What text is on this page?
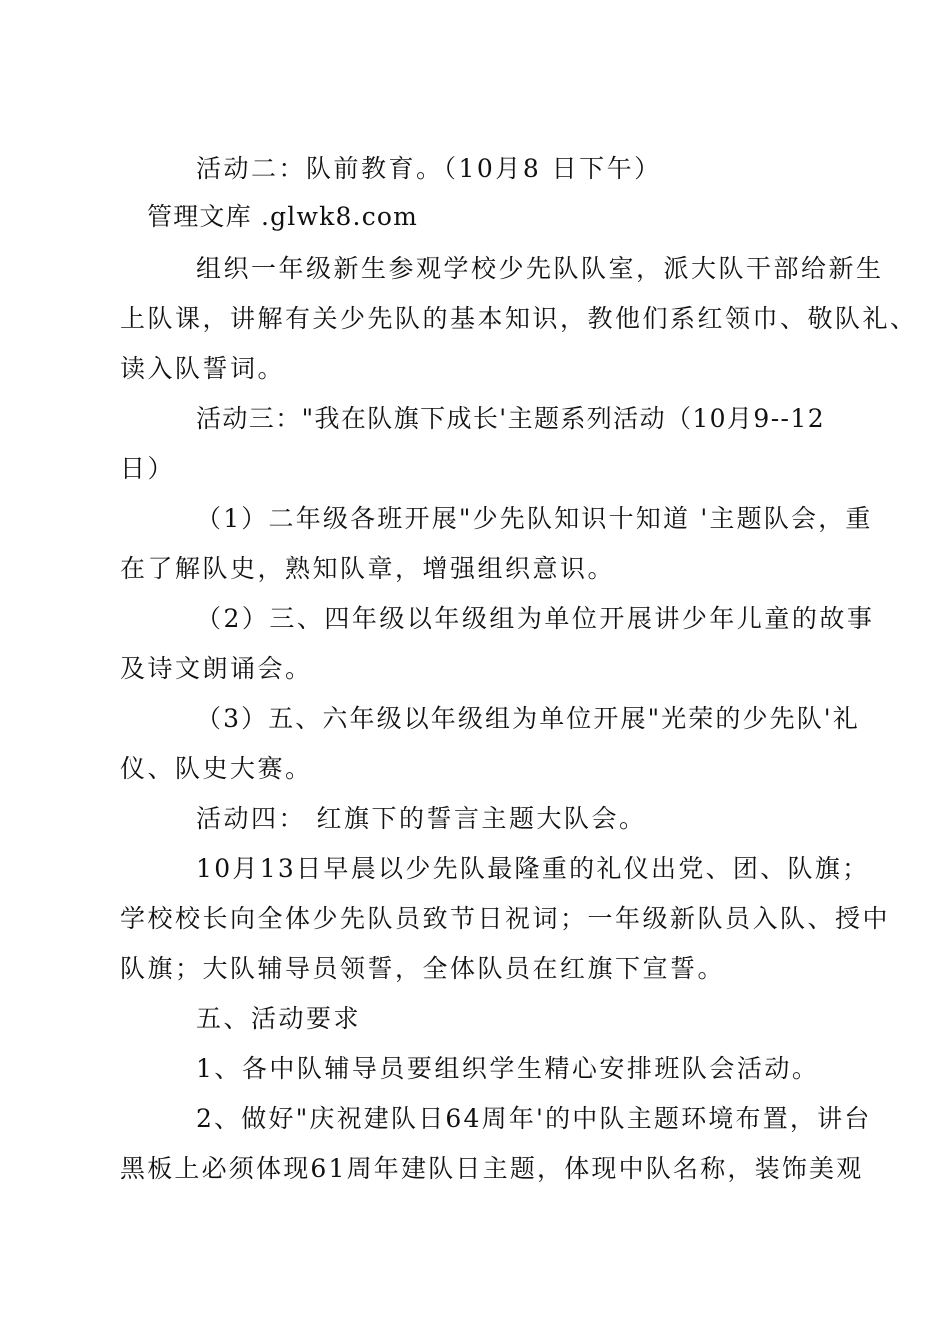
活动二：队前教育。（10月8 日下午）
管理文库 .glwk8.com
组织一年级新生参观学校少先队队室，派大队干部给新生
上队课，讲解有关少先队的基本知识，教他们系红领巾、敬队礼、
读入队誓词。
活动三："我在队旗下成长'主题系列活动（10月9--12
日）
（1）二年级各班开展"少先队知识十知道 '主题队会，重
在了解队史，熟知队章，增强组织意识。
（2）三、四年级以年级组为单位开展讲少年儿童的故事
及诗文朗诵会。
（3）五、六年级以年级组为单位开展"光荣的少先队'礼
仪、队史大赛。
活动四： 红旗下的誓言主题大队会。
10月13日早晨以少先队最隆重的礼仪出党、团、队旗；
学校校长向全体少先队员致节日祝词；一年级新队员入队、授中
队旗；大队辅导员领誓，全体队员在红旗下宣誓。
五、活动要求
1、各中队辅导员要组织学生精心安排班队会活动。
2、做好"庆祝建队日64周年'的中队主题环境布置，讲台
黑板上必须体现61周年建队日主题，体现中队名称，装饰美观
